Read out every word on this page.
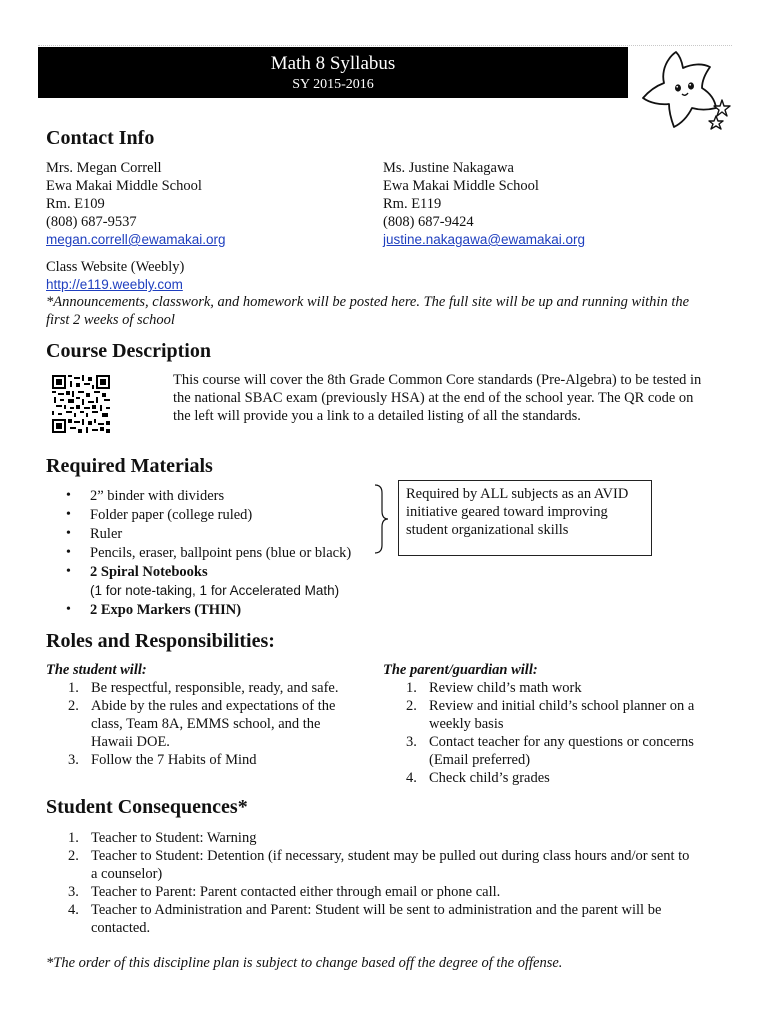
Math 8 Syllabus
SY 2015-2016
Contact Info
Mrs. Megan Correll
Ewa Makai Middle School
Rm. E109
(808) 687-9537
megan.correll@ewamakai.org
Ms. Justine Nakagawa
Ewa Makai Middle School
Rm. E119
(808) 687-9424
justine.nakagawa@ewamakai.org
Class Website (Weebly)
http://e119.weebly.com
*Announcements, classwork, and homework will be posted here. The full site will be up and running within the
first 2 weeks of school
Course Description
This course will cover the 8th Grade Common Core standards (Pre-Algebra) to be tested in
the national SBAC exam (previously HSA) at the end of the school year. The QR code on
the left will provide you a link to a detailed listing of all the standards.
Required Materials
• 2” binder with dividers
• Folder paper (college ruled)
• Ruler
• Pencils, eraser, ballpoint pens (blue or black)
• 2 Spiral Notebooks
(1 for note-taking, 1 for Accelerated Math)
• 2 Expo Markers (THIN)
Required by ALL subjects as an AVID
initiative geared toward improving
student organizational skills
Roles and Responsibilities:
The student will:
1. Be respectful, responsible, ready, and safe.
2. Abide by the rules and expectations of the
class, Team 8A, EMMS school, and the
Hawaii DOE.
3. Follow the 7 Habits of Mind
The parent/guardian will:
1. Review child’s math work
2. Review and initial child’s school planner on a
weekly basis
3. Contact teacher for any questions or concerns
(Email preferred)
4. Check child’s grades
Student Consequences*
1. Teacher to Student: Warning
2. Teacher to Student: Detention (if necessary, student may be pulled out during class hours and/or sent to
a counselor)
3. Teacher to Parent: Parent contacted either through email or phone call.
4. Teacher to Administration and Parent: Student will be sent to administration and the parent will be
contacted.
*The order of this discipline plan is subject to change based off the degree of the offense.
